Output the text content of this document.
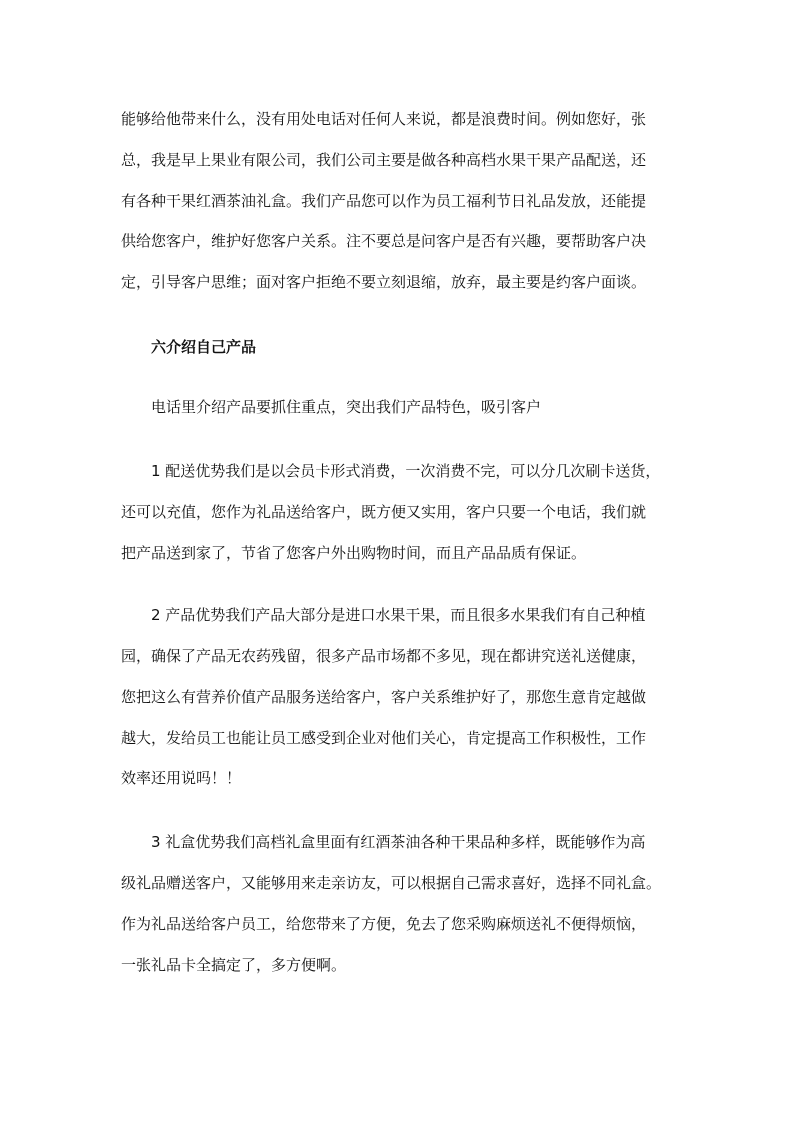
能够给他带来什么，没有用处电话对任何人来说，都是浪费时间。例如您好，张
总，我是早上果业有限公司，我们公司主要是做各种高档水果干果产品配送，还
有各种干果红酒茶油礼盒。我们产品您可以作为员工福利节日礼品发放，还能提
供给您客户，维护好您客户关系。注不要总是问客户是否有兴趣，要帮助客户决
定，引导客户思维；面对客户拒绝不要立刻退缩，放弃，最主要是约客户面谈。
六介绍自己产品
电话里介绍产品要抓住重点，突出我们产品特色，吸引客户
1 配送优势我们是以会员卡形式消费，一次消费不完，可以分几次刷卡送货，
还可以充值，您作为礼品送给客户，既方便又实用，客户只要一个电话，我们就
把产品送到家了，节省了您客户外出购物时间，而且产品品质有保证。
2 产品优势我们产品大部分是进口水果干果，而且很多水果我们有自己种植
园，确保了产品无农药残留，很多产品市场都不多见，现在都讲究送礼送健康，
您把这么有营养价值产品服务送给客户，客户关系维护好了，那您生意肯定越做
越大，发给员工也能让员工感受到企业对他们关心，肯定提高工作积极性，工作
效率还用说吗！！
3 礼盒优势我们高档礼盒里面有红酒茶油各种干果品种多样，既能够作为高
级礼品赠送客户，又能够用来走亲访友，可以根据自己需求喜好，选择不同礼盒。
作为礼品送给客户员工，给您带来了方便，免去了您采购麻烦送礼不便得烦恼，
一张礼品卡全搞定了，多方便啊。
